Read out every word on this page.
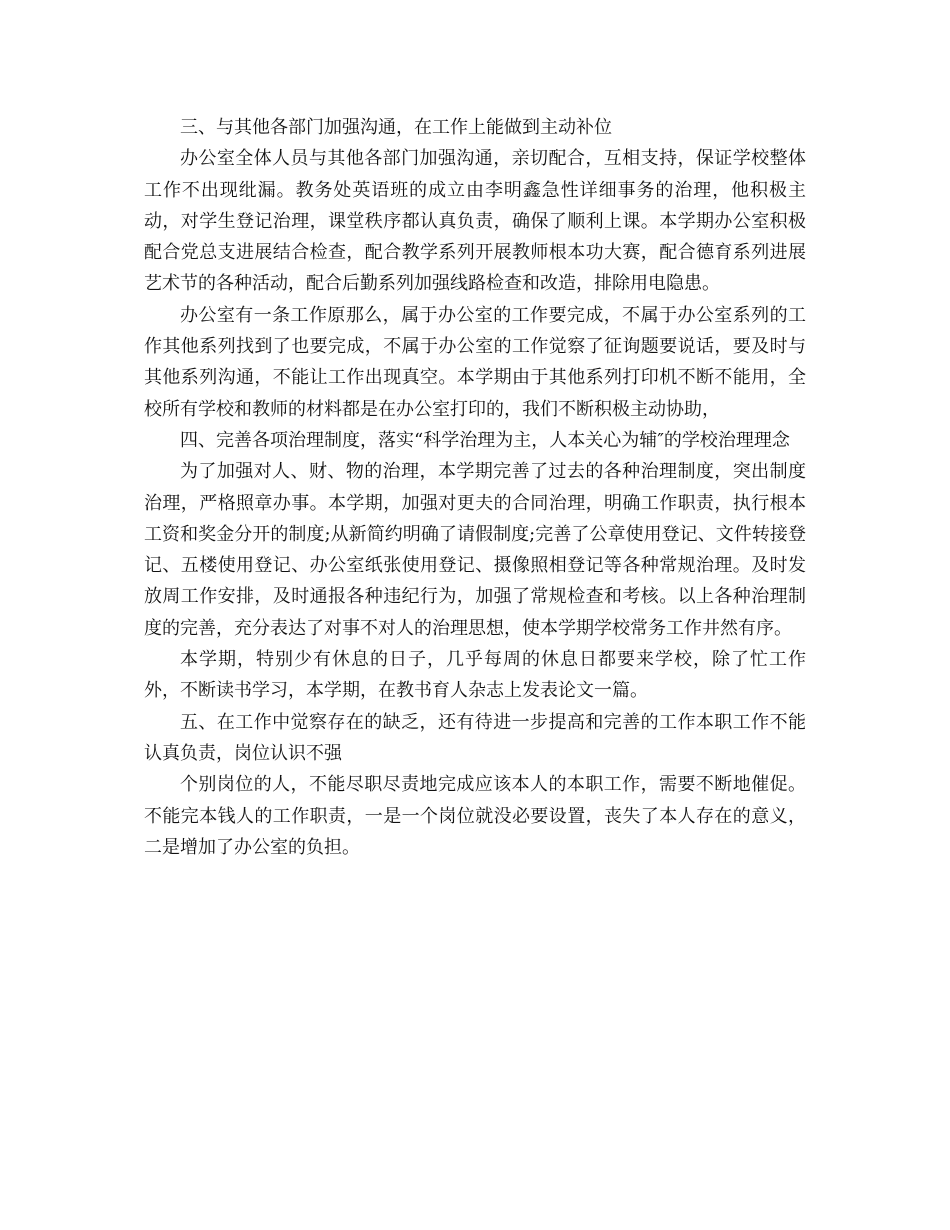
三、与其他各部门加强沟通，在工作上能做到主动补位

办公室全体人员与其他各部门加强沟通，亲切配合，互相支持，保证学校整体工作不出现纰漏。教务处英语班的成立由李明鑫急性详细事务的治理，他积极主动，对学生登记治理，课堂秩序都认真负责，确保了顺利上课。本学期办公室积极配合党总支进展结合检查，配合教学系列开展教师根本功大赛，配合德育系列进展艺术节的各种活动，配合后勤系列加强线路检查和改造，排除用电隐患。

办公室有一条工作原那么，属于办公室的工作要完成，不属于办公室系列的工作其他系列找到了也要完成，不属于办公室的工作觉察了征询题要说话，要及时与其他系列沟通，不能让工作出现真空。本学期由于其他系列打印机不断不能用，全校所有学校和教师的材料都是在办公室打印的，我们不断积极主动协助，

四、完善各项治理制度，落实“科学治理为主，人本关心为辅″的学校治理理念

为了加强对人、财、物的治理，本学期完善了过去的各种治理制度，突出制度治理，严格照章办事。本学期，加强对更夫的合同治理，明确工作职责，执行根本工资和奖金分开的制度;从新简约明确了请假制度;完善了公章使用登记、文件转接登记、五楼使用登记、办公室纸张使用登记、摄像照相登记等各种常规治理。及时发放周工作安排，及时通报各种违纪行为，加强了常规检查和考核。以上各种治理制度的完善，充分表达了对事不对人的治理思想，使本学期学校常务工作井然有序。

本学期，特别少有休息的日子，几乎每周的休息日都要来学校，除了忙工作外，不断读书学习，本学期，在教书育人杂志上发表论文一篇。

五、在工作中觉察存在的缺乏，还有待进一步提高和完善的工作本职工作不能认真负责，岗位认识不强

个别岗位的人，不能尽职尽责地完成应该本人的本职工作，需要不断地催促。不能完本钱人的工作职责，一是一个岗位就没必要设置，丧失了本人存在的意义，二是增加了办公室的负担。
